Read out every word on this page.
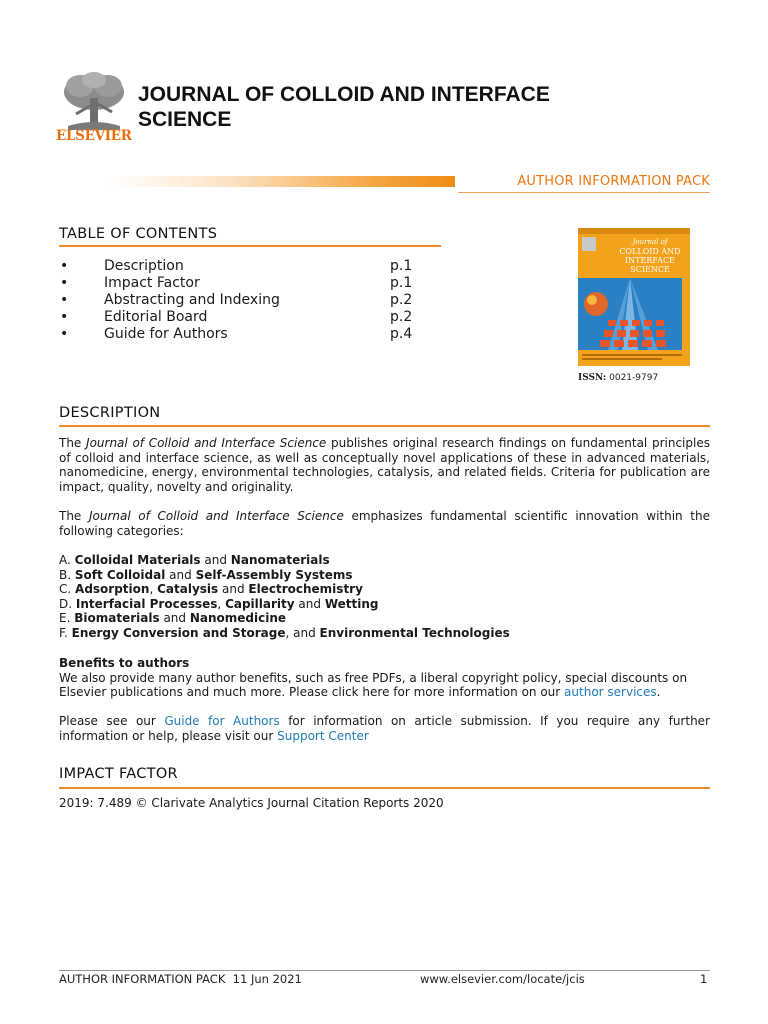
ELSEVIER
JOURNAL OF COLLOID AND INTERFACE
SCIENCE
AUTHOR INFORMATION PACK
TABLE OF CONTENTS
•	Description	p.1
•	Impact Factor	p.1
•	Abstracting and Indexing	p.2
•	Editorial Board	p.2
•	Guide for Authors	p.4
Journal of
COLLOID AND
INTERFACE
SCIENCE
ISSN: 0021-9797
DESCRIPTION
The Journal of Colloid and Interface Science publishes original research findings on fundamental principles of colloid and interface science, as well as conceptually novel applications of these in advanced materials, nanomedicine, energy, environmental technologies, catalysis, and related fields. Criteria for publication are impact, quality, novelty and originality.
The Journal of Colloid and Interface Science emphasizes fundamental scientific innovation within the following categories:
A. Colloidal Materials and Nanomaterials
B. Soft Colloidal and Self-Assembly Systems
C. Adsorption, Catalysis and Electrochemistry
D. Interfacial Processes, Capillarity and Wetting
E. Biomaterials and Nanomedicine
F. Energy Conversion and Storage, and Environmental Technologies
Benefits to authors
We also provide many author benefits, such as free PDFs, a liberal copyright policy, special discounts on Elsevier publications and much more. Please click here for more information on our author services.
Please see our Guide for Authors for information on article submission. If you require any further information or help, please visit our Support Center
IMPACT FACTOR
2019: 7.489 © Clarivate Analytics Journal Citation Reports 2020
AUTHOR INFORMATION PACK  11 Jun 2021	www.elsevier.com/locate/jcis	1
